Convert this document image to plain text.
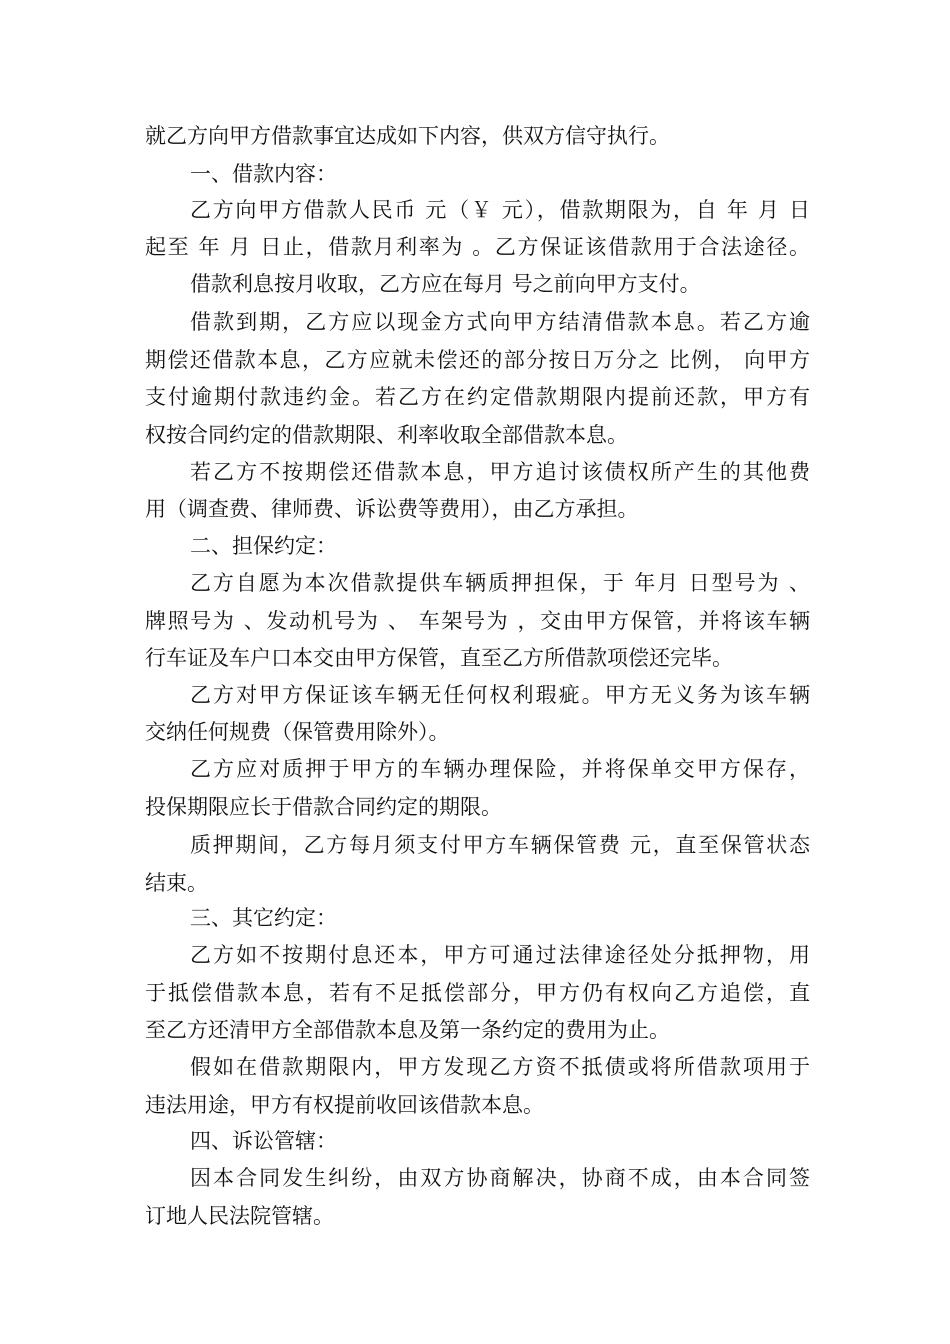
就乙方向甲方借款事宜达成如下内容，供双方信守执行。
一、借款内容：
乙方向甲方借款人民币 元（￥ 元），借款期限为，自 年 月 日
起至 年 月 日止，借款月利率为 。乙方保证该借款用于合法途径。
借款利息按月收取，乙方应在每月 号之前向甲方支付。
借款到期，乙方应以现金方式向甲方结清借款本息。若乙方逾
期偿还借款本息，乙方应就未偿还的部分按日万分之 比例， 向甲方
支付逾期付款违约金。若乙方在约定借款期限内提前还款，甲方有
权按合同约定的借款期限、利率收取全部借款本息。
若乙方不按期偿还借款本息，甲方追讨该债权所产生的其他费
用（调查费、律师费、诉讼费等费用），由乙方承担。
二、担保约定：
乙方自愿为本次借款提供车辆质押担保，于 年月 日型号为 、
牌照号为 、发动机号为 、 车架号为 ，交由甲方保管，并将该车辆
行车证及车户口本交由甲方保管，直至乙方所借款项偿还完毕。
乙方对甲方保证该车辆无任何权利瑕疵。甲方无义务为该车辆
交纳任何规费（保管费用除外）。
乙方应对质押于甲方的车辆办理保险，并将保单交甲方保存，
投保期限应长于借款合同约定的期限。
质押期间，乙方每月须支付甲方车辆保管费 元，直至保管状态
结束。
三、其它约定：
乙方如不按期付息还本，甲方可通过法律途径处分抵押物，用
于抵偿借款本息，若有不足抵偿部分，甲方仍有权向乙方追偿，直
至乙方还清甲方全部借款本息及第一条约定的费用为止。
假如在借款期限内，甲方发现乙方资不抵债或将所借款项用于
违法用途，甲方有权提前收回该借款本息。
四、诉讼管辖：
因本合同发生纠纷，由双方协商解决，协商不成，由本合同签
订地人民法院管辖。
